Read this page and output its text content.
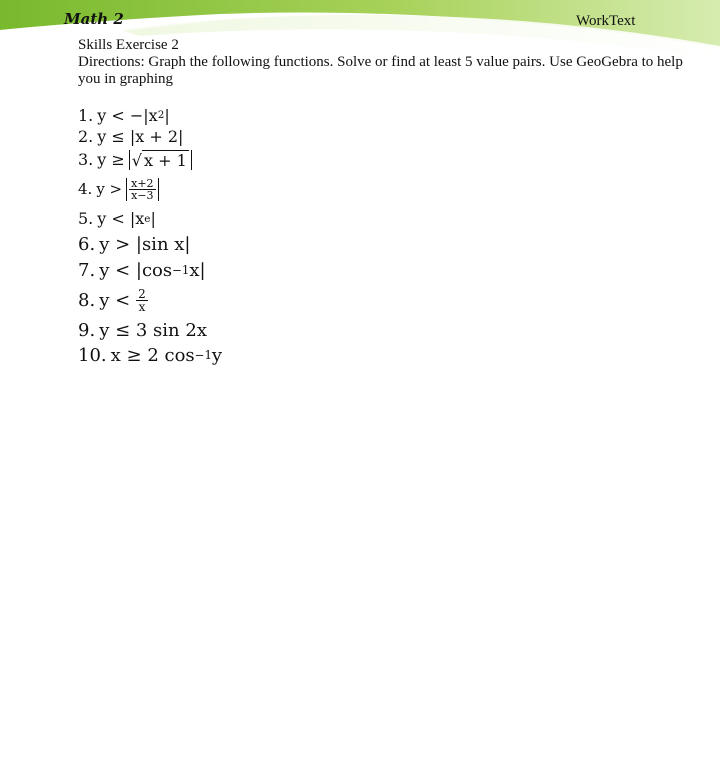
Math 2	WorkText
Skills Exercise 2
Directions: Graph the following functions. Solve or find at least 5 value pairs. Use GeoGebra to help you in graphing
1. y < −|x 2 |
2. y ≤ |x + 2|
3. y ≥ √ x + 1
4. $y > \frac{x+2}{x-3}$
5. y < |x e |
6. y > |sin x|
7. y < |cos −1 x|
8. $y < \frac{2}{x}$
9. y ≤ 3 sin 2x
10. x ≥ 2 cos −1 y
